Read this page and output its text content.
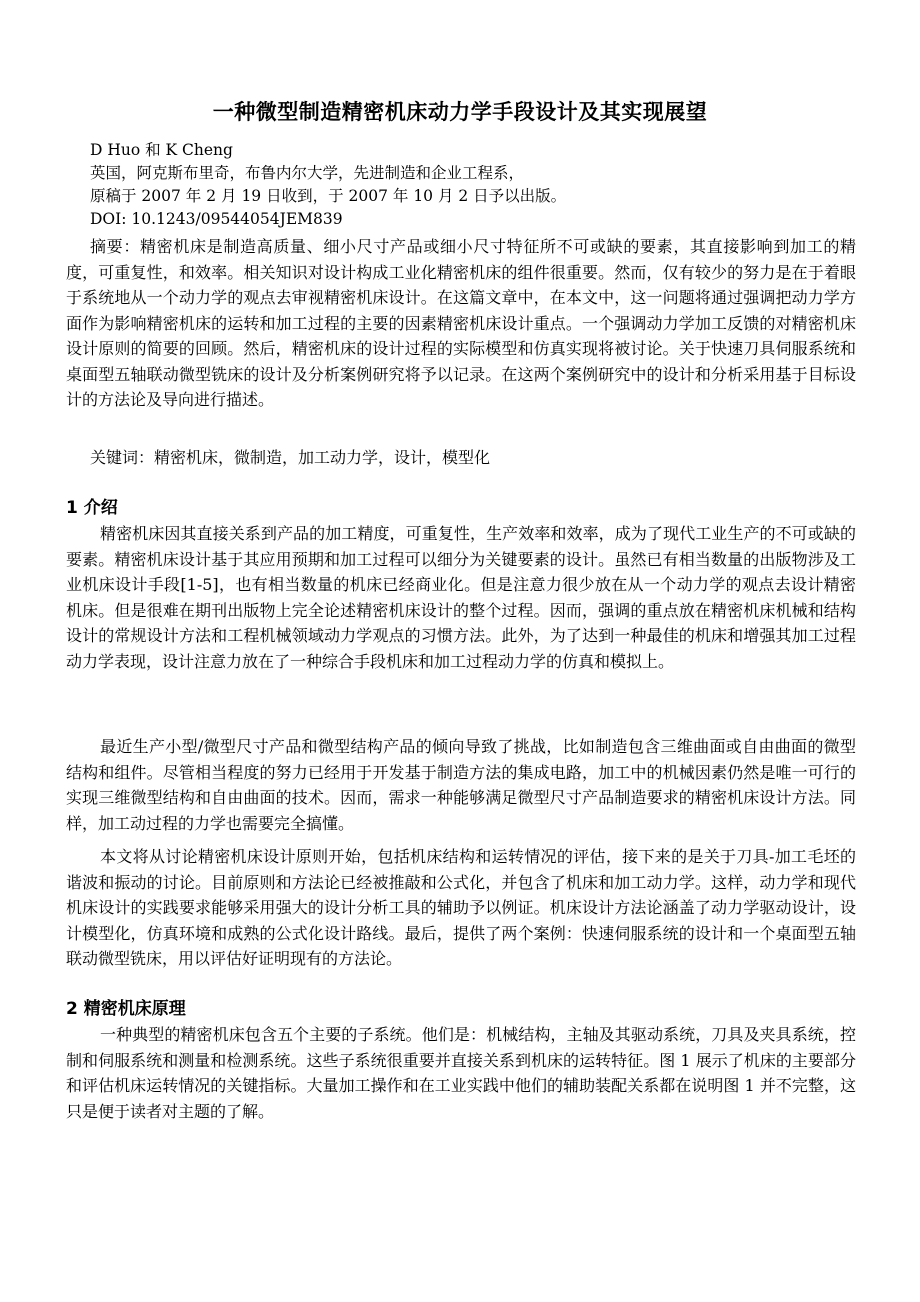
一种微型制造精密机床动力学手段设计及其实现展望
D Huo 和 K Cheng
英国，阿克斯布里奇，布鲁内尔大学，先进制造和企业工程系，
原稿于 2007 年 2 月 19 日收到，于 2007 年 10 月 2 日予以出版。
DOI: 10.1243/09544054JEM839
摘要：精密机床是制造高质量、细小尺寸产品或细小尺寸特征所不可或缺的要素，其直接影响到加工的精度，可重复性，和效率。相关知识对设计构成工业化精密机床的组件很重要。然而，仅有较少的努力是在于着眼于系统地从一个动力学的观点去审视精密机床设计。在这篇文章中，在本文中，这一问题将通过强调把动力学方面作为影响精密机床的运转和加工过程的主要的因素精密机床设计重点。一个强调动力学加工反馈的对精密机床设计原则的简要的回顾。然后，精密机床的设计过程的实际模型和仿真实现将被讨论。关于快速刀具伺服系统和桌面型五轴联动微型铣床的设计及分析案例研究将予以记录。在这两个案例研究中的设计和分析采用基于目标设计的方法论及导向进行描述。
关键词：精密机床，微制造，加工动力学，设计，模型化
1 介绍
精密机床因其直接关系到产品的加工精度，可重复性，生产效率和效率，成为了现代工业生产的不可或缺的要素。精密机床设计基于其应用预期和加工过程可以细分为关键要素的设计。虽然已有相当数量的出版物涉及工业机床设计手段[1-5]，也有相当数量的机床已经商业化。但是注意力很少放在从一个动力学的观点去设计精密机床。但是很难在期刊出版物上完全论述精密机床设计的整个过程。因而，强调的重点放在精密机床机械和结构设计的常规设计方法和工程机械领域动力学观点的习惯方法。此外，为了达到一种最佳的机床和增强其加工过程动力学表现，设计注意力放在了一种综合手段机床和加工过程动力学的仿真和模拟上。
最近生产小型/微型尺寸产品和微型结构产品的倾向导致了挑战，比如制造包含三维曲面或自由曲面的微型结构和组件。尽管相当程度的努力已经用于开发基于制造方法的集成电路，加工中的机械因素仍然是唯一可行的实现三维微型结构和自由曲面的技术。因而，需求一种能够满足微型尺寸产品制造要求的精密机床设计方法。同样，加工动过程的力学也需要完全搞懂。
本文将从讨论精密机床设计原则开始，包括机床结构和运转情况的评估，接下来的是关于刀具-加工毛坯的谐波和振动的讨论。目前原则和方法论已经被推敲和公式化，并包含了机床和加工动力学。这样，动力学和现代机床设计的实践要求能够采用强大的设计分析工具的辅助予以例证。机床设计方法论涵盖了动力学驱动设计，设计模型化，仿真环境和成熟的公式化设计路线。最后，提供了两个案例：快速伺服系统的设计和一个桌面型五轴联动微型铣床，用以评估好证明现有的方法论。
2 精密机床原理
一种典型的精密机床包含五个主要的子系统。他们是：机械结构，主轴及其驱动系统，刀具及夹具系统，控制和伺服系统和测量和检测系统。这些子系统很重要并直接关系到机床的运转特征。图 1 展示了机床的主要部分和评估机床运转情况的关键指标。大量加工操作和在工业实践中他们的辅助装配关系都在说明图 1 并不完整，这只是便于读者对主题的了解。
